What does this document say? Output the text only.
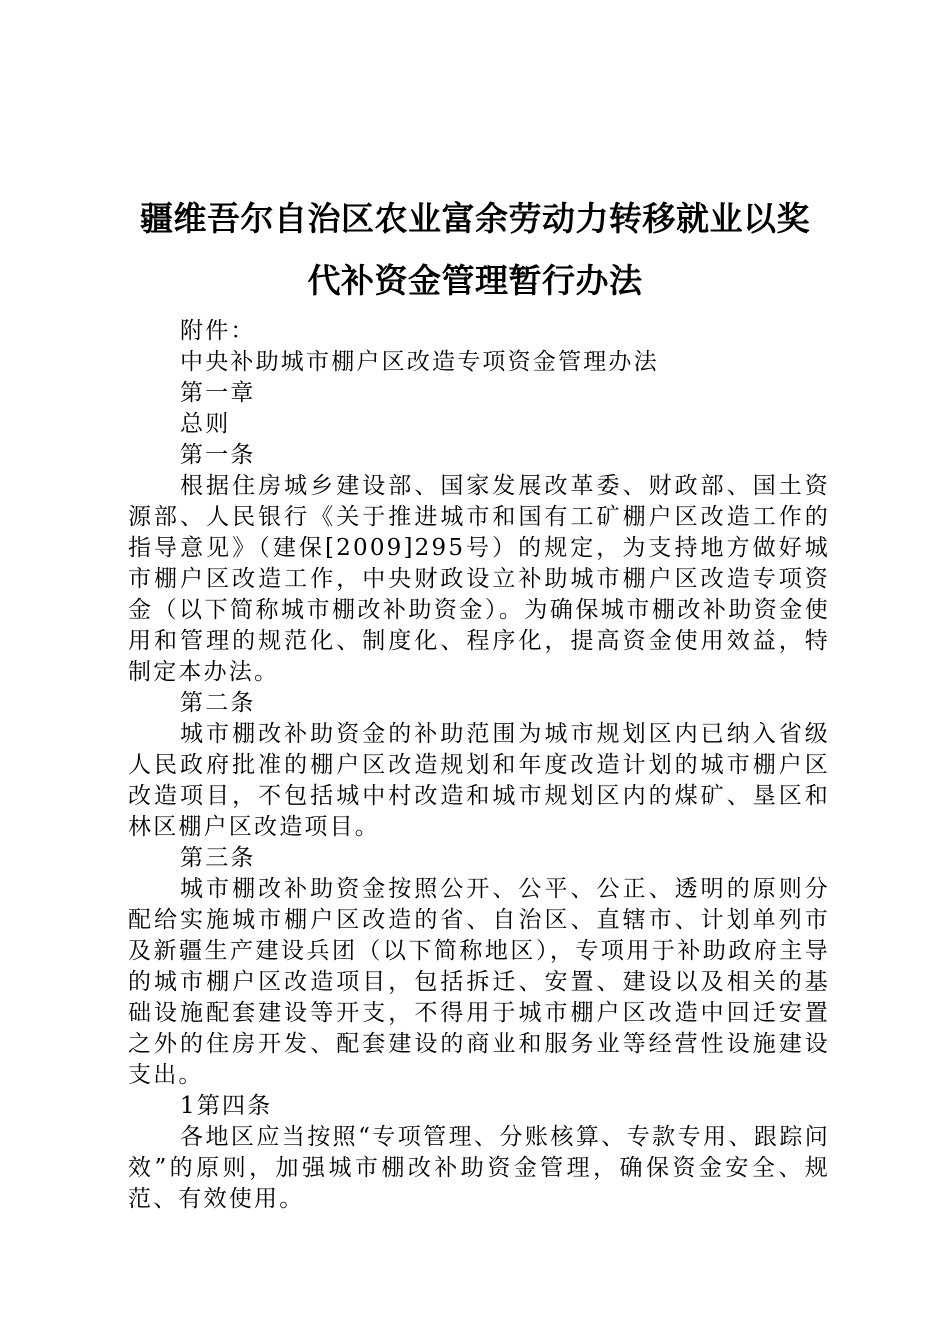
疆维吾尔自治区农业富余劳动力转移就业以奖
代补资金管理暂行办法

附件：

中央补助城市棚户区改造专项资金管理办法

第一章

总则

第一条

根据住房城乡建设部、国家发展改革委、财政部、国土资源部、人民银行《关于推进城市和国有工矿棚户区改造工作的指导意见》（建保[2009]295号）的规定，为支持地方做好城市棚户区改造工作，中央财政设立补助城市棚户区改造专项资金（以下简称城市棚改补助资金）。为确保城市棚改补助资金使用和管理的规范化、制度化、程序化，提高资金使用效益，特制定本办法。

第二条

城市棚改补助资金的补助范围为城市规划区内已纳入省级人民政府批准的棚户区改造规划和年度改造计划的城市棚户区改造项目，不包括城中村改造和城市规划区内的煤矿、垦区和林区棚户区改造项目。

第三条

城市棚改补助资金按照公开、公平、公正、透明的原则分配给实施城市棚户区改造的省、自治区、直辖市、计划单列市及新疆生产建设兵团（以下简称地区），专项用于补助政府主导的城市棚户区改造项目，包括拆迁、安置、建设以及相关的基础设施配套建设等开支，不得用于城市棚户区改造中回迁安置之外的住房开发、配套建设的商业和服务业等经营性设施建设支出。

1第四条

各地区应当按照“专项管理、分账核算、专款专用、跟踪问效”的原则，加强城市棚改补助资金管理，确保资金安全、规范、有效使用。
